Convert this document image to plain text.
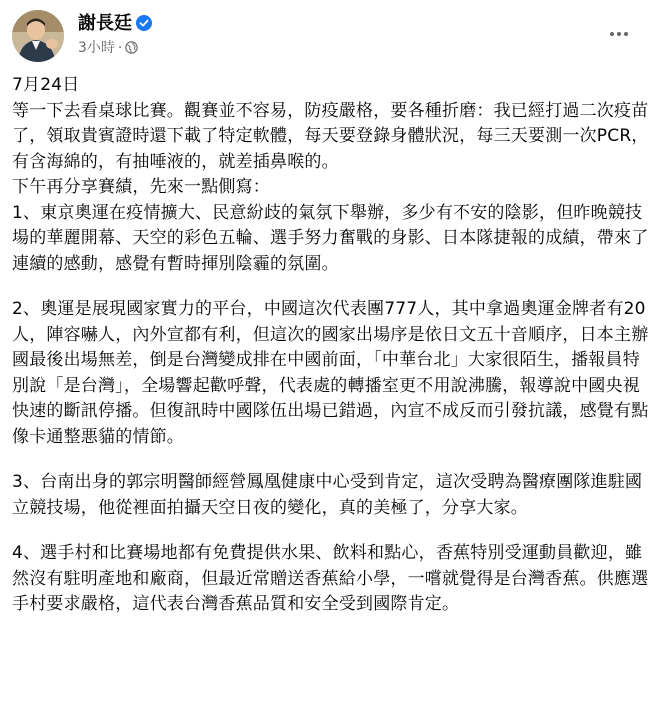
謝長廷
3小時 ·

7月24日
等一下去看桌球比賽。觀賽並不容易，防疫嚴格，要各種折磨：我已經打過二次疫苗了，領取貴賓證時還下載了特定軟體，每天要登錄身體狀況，每三天要測一次PCR，有含海綿的，有抽唾液的，就差插鼻喉的。
下午再分享賽績，先來一點側寫：
1、東京奧運在疫情擴大、民意紛歧的氣氛下舉辦，多少有不安的陰影，但昨晚競技場的華麗開幕、天空的彩色五輪、選手努力奮戰的身影、日本隊捷報的成績，帶來了連續的感動，感覺有暫時揮別陰霾的氛圍。

2、奧運是展現國家實力的平台，中國這次代表團777人，其中拿過奧運金牌者有20人，陣容嚇人，內外宣都有利，但這次的國家出場序是依日文五十音順序，日本主辦國最後出場無差，倒是台灣變成排在中國前面，「中華台北」大家很陌生，播報員特別說「是台灣」，全場響起歡呼聲，代表處的轉播室更不用說沸騰，報導說中國央視快速的斷訊停播。但復訊時中國隊伍出場已錯過，內宣不成反而引發抗議，感覺有點像卡通整悪貓的情節。

3、台南出身的郭宗明醫師經營鳳凰健康中心受到肯定，這次受聘為醫療團隊進駐國立競技場，他從裡面拍攝天空日夜的變化，真的美極了，分享大家。

4、選手村和比賽場地都有免費提供水果、飲料和點心，香蕉特別受運動員歡迎，雖然沒有駐明產地和廠商，但最近常贈送香蕉給小學，一嚐就覺得是台灣香蕉。供應選手村要求嚴格，這代表台灣香蕉品質和安全受到國際肯定。
